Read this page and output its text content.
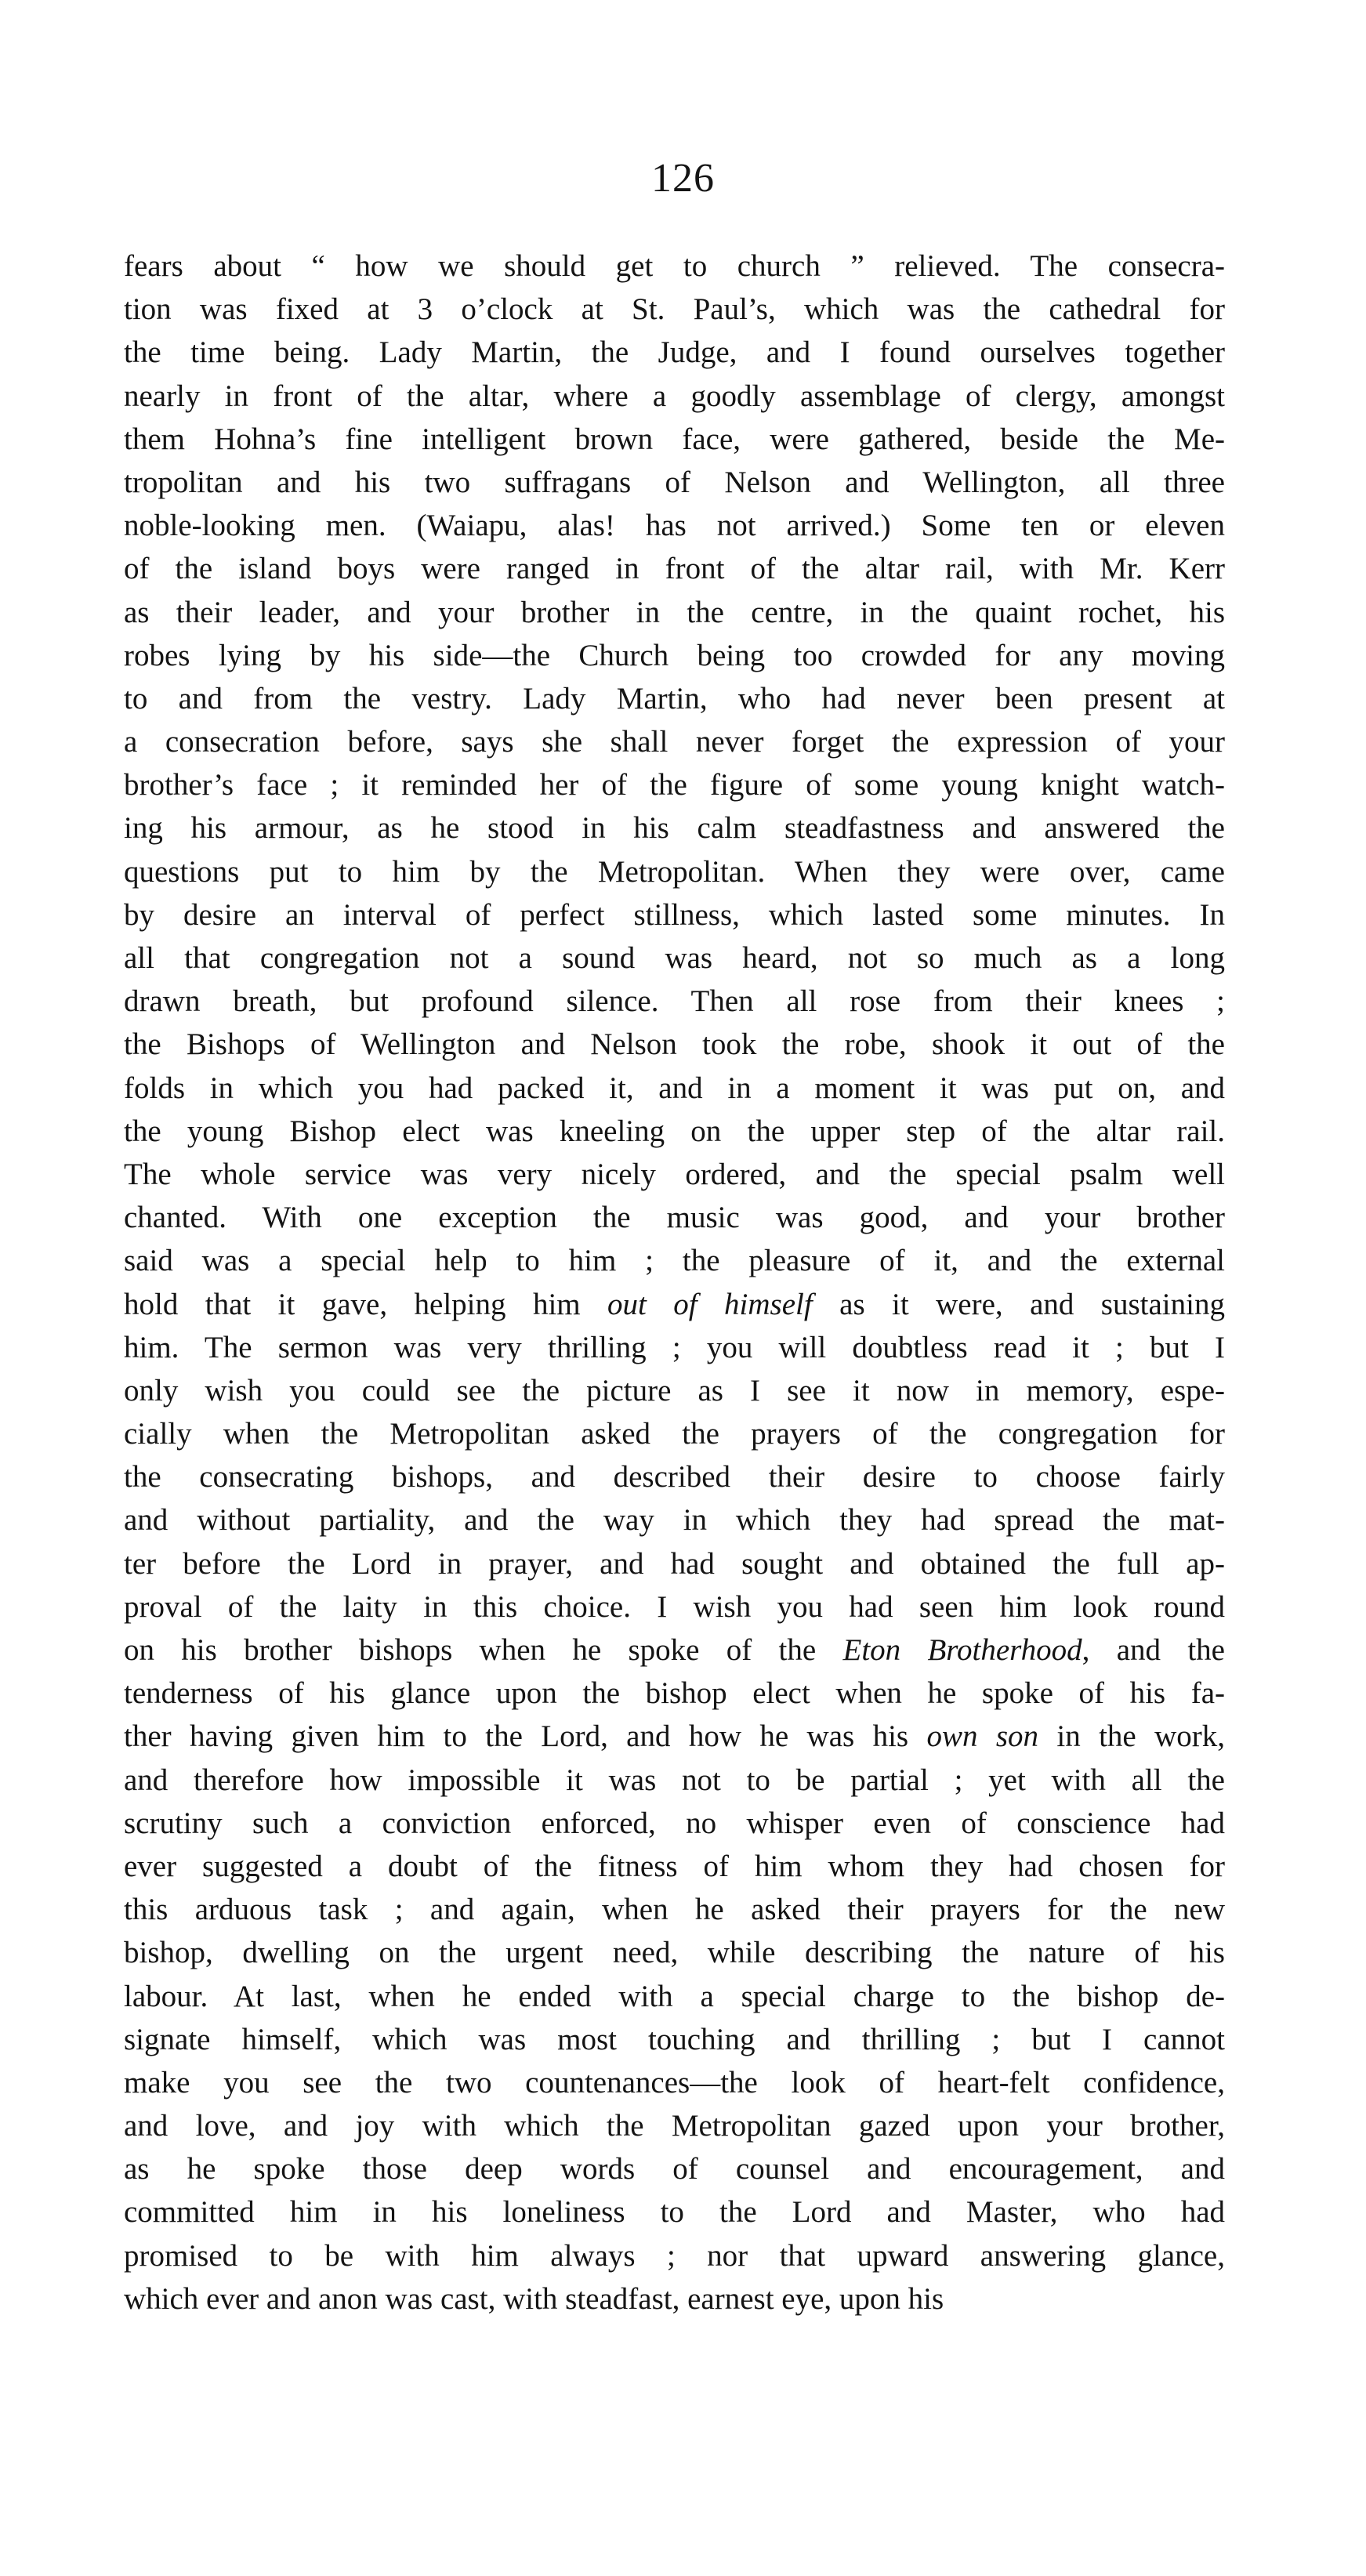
126
fears about “ how we should get to church ” relieved. The consecra-
tion was fixed at 3 o’clock at St. Paul’s, which was the cathedral for
the time being. Lady Martin, the Judge, and I found ourselves together
nearly in front of the altar, where a goodly assemblage of clergy, amongst
them Hohna’s fine intelligent brown face, were gathered, beside the Me-
tropolitan and his two suffragans of Nelson and Wellington, all three
noble-looking men. (Waiapu, alas! has not arrived.) Some ten or eleven
of the island boys were ranged in front of the altar rail, with Mr. Kerr
as their leader, and your brother in the centre, in the quaint rochet, his
robes lying by his side—the Church being too crowded for any moving
to and from the vestry. Lady Martin, who had never been present at
a consecration before, says she shall never forget the expression of your
brother’s face ; it reminded her of the figure of some young knight watch-
ing his armour, as he stood in his calm steadfastness and answered the
questions put to him by the Metropolitan. When they were over, came
by desire an interval of perfect stillness, which lasted some minutes. In
all that congregation not a sound was heard, not so much as a long
drawn breath, but profound silence. Then all rose from their knees ;
the Bishops of Wellington and Nelson took the robe, shook it out of the
folds in which you had packed it, and in a moment it was put on, and
the young Bishop elect was kneeling on the upper step of the altar rail.
The whole service was very nicely ordered, and the special psalm well
chanted. With one exception the music was good, and your brother
said was a special help to him ; the pleasure of it, and the external
hold that it gave, helping him out of himself as it were, and sustaining
him. The sermon was very thrilling ; you will doubtless read it ; but I
only wish you could see the picture as I see it now in memory, espe-
cially when the Metropolitan asked the prayers of the congregation for
the consecrating bishops, and described their desire to choose fairly
and without partiality, and the way in which they had spread the mat-
ter before the Lord in prayer, and had sought and obtained the full ap-
proval of the laity in this choice. I wish you had seen him look round
on his brother bishops when he spoke of the Eton Brotherhood, and the
tenderness of his glance upon the bishop elect when he spoke of his fa-
ther having given him to the Lord, and how he was his own son in the work,
and therefore how impossible it was not to be partial ; yet with all the
scrutiny such a conviction enforced, no whisper even of conscience had
ever suggested a doubt of the fitness of him whom they had chosen for
this arduous task ; and again, when he asked their prayers for the new
bishop, dwelling on the urgent need, while describing the nature of his
labour. At last, when he ended with a special charge to the bishop de-
signate himself, which was most touching and thrilling ; but I cannot
make you see the two countenances—the look of heart-felt confidence,
and love, and joy with which the Metropolitan gazed upon your brother,
as he spoke those deep words of counsel and encouragement, and
committed him in his loneliness to the Lord and Master, who had
promised to be with him always ; nor that upward answering glance,
which ever and anon was cast, with steadfast, earnest eye, upon his
